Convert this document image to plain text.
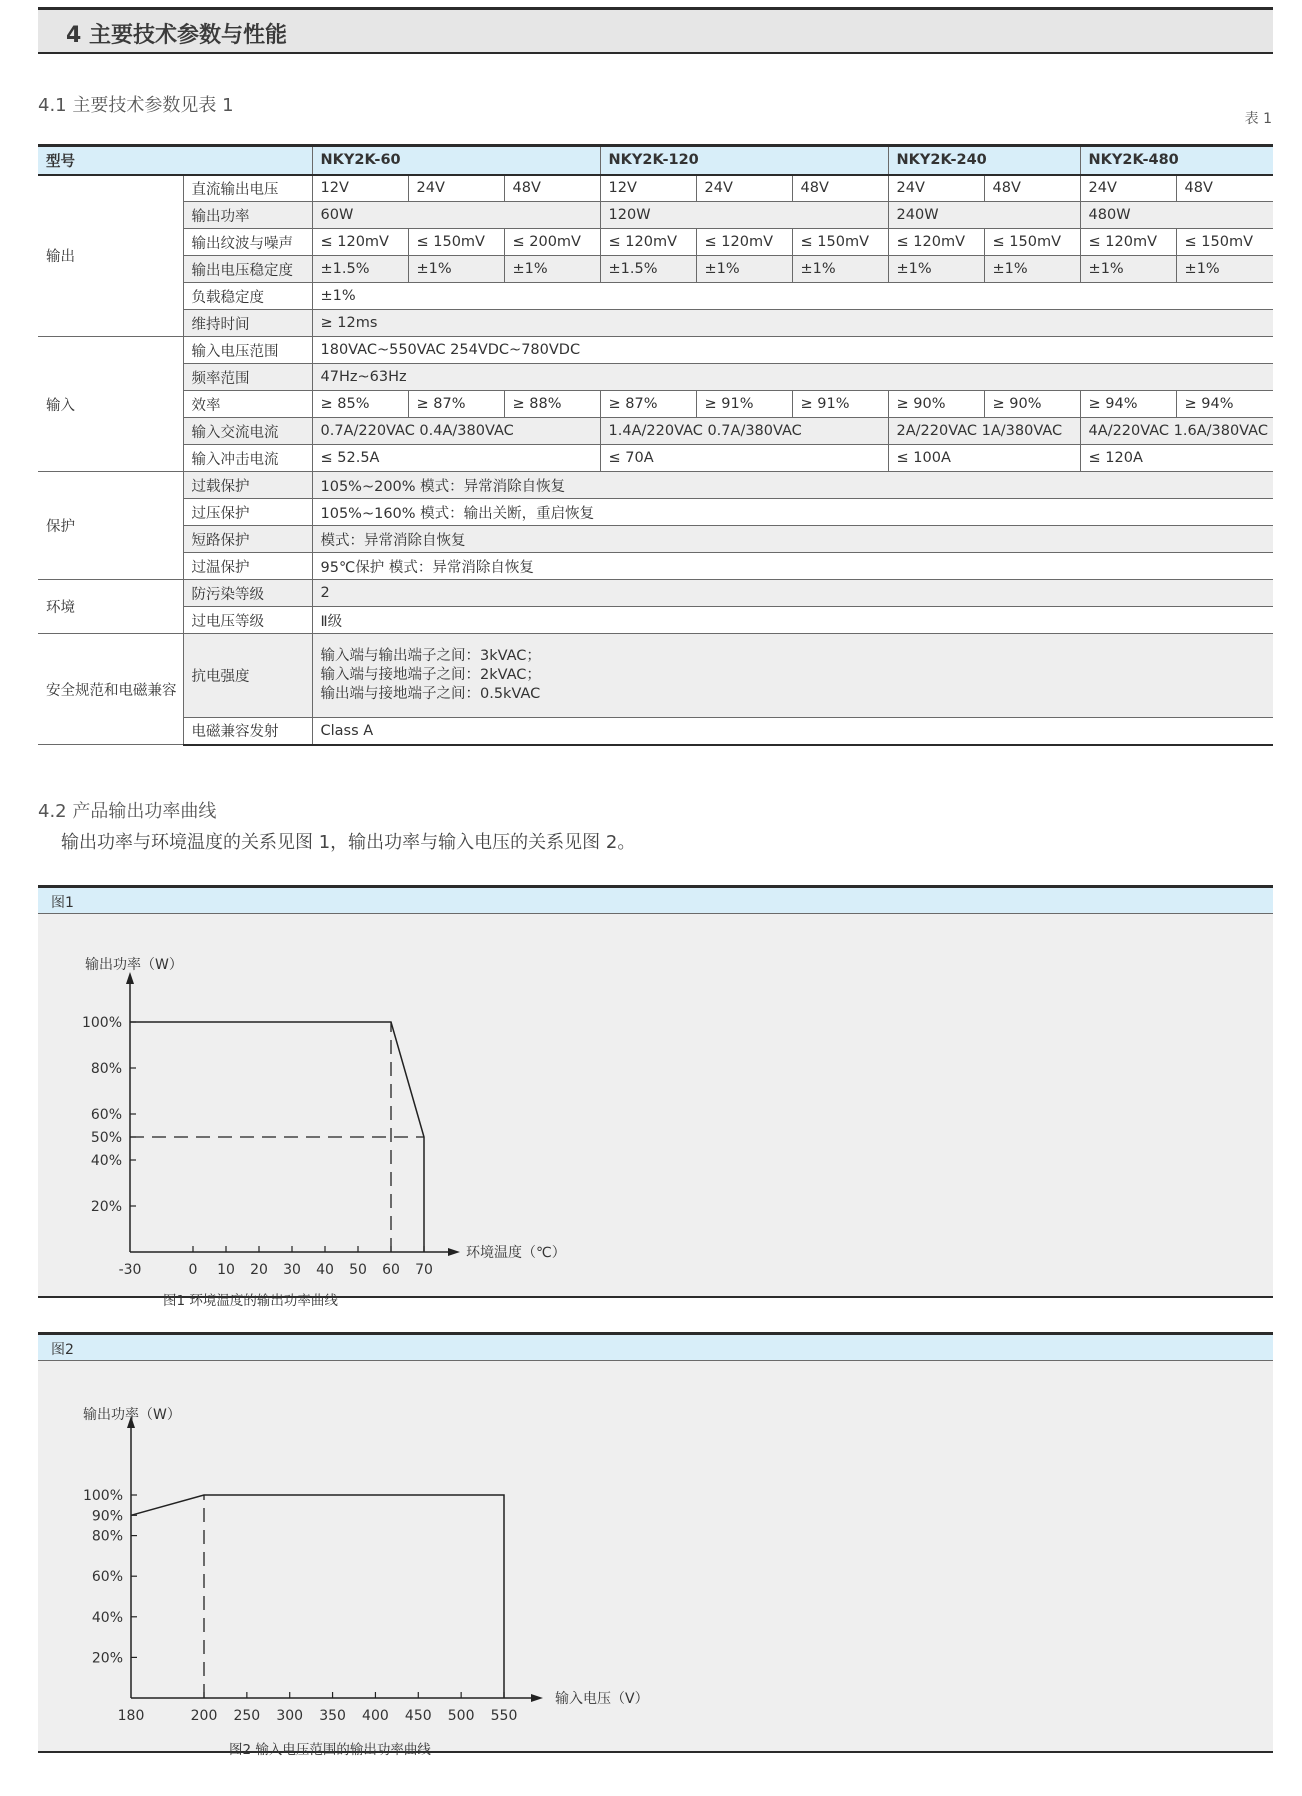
4 主要技术参数与性能
4.1 主要技术参数见表 1
表 1
型号		NKY2K-60			NKY2K-120			NKY2K-240		NKY2K-480	
输出	直流输出电压	12V	24V	48V	12V	24V	48V	24V	48V	24V	48V
	输出功率	60W			120W			240W		480W	
	输出纹波与噪声	≤ 120mV	≤ 150mV	≤ 200mV	≤ 120mV	≤ 120mV	≤ 150mV	≤ 120mV	≤ 150mV	≤ 120mV	≤ 150mV
	输出电压稳定度	±1.5%	±1%	±1%	±1.5%	±1%	±1%	±1%	±1%	±1%	±1%
	负载稳定度	±1%									
	维持时间	≥ 12ms									
输入	输入电压范围	180VAC~550VAC 254VDC~780VDC									
	频率范围	47Hz~63Hz									
	效率	≥ 85%	≥ 87%	≥ 88%	≥ 87%	≥ 91%	≥ 91%	≥ 90%	≥ 90%	≥ 94%	≥ 94%
	输入交流电流	0.7A/220VAC 0.4A/380VAC			1.4A/220VAC 0.7A/380VAC			2A/220VAC 1A/380VAC		4A/220VAC 1.6A/380VAC	
	输入冲击电流	≤ 52.5A			≤ 70A			≤ 100A		≤ 120A	
保护	过载保护	105%~200% 模式：异常消除自恢复									
	过压保护	105%~160% 模式：输出关断，重启恢复									
	短路保护	模式：异常消除自恢复									
	过温保护	95℃保护 模式：异常消除自恢复									
环境	防污染等级	2									
	过电压等级	Ⅱ级									
安全规范和电磁兼容	抗电强度	输入端与输出端子之间：3kVAC；
输入端与接地端子之间：2kVAC；
输出端与接地端子之间：0.5kVAC									

	电磁兼容发射	Class A									
4.2 产品输出功率曲线
输出功率与环境温度的关系见图 1，输出功率与输入电压的关系见图 2。
图1
-30	0 10 20 30 40 50 60 70
20%
40%
50%
60%
80%
100%
输出功率（W）
环境温度（℃）
图1 环境温度的输出功率曲线
图2
180	200 250 300 350 400 450 500 550
20%
40%
60%
80%
90%
100%
输出功率（W）
输入电压（V）
图2 输入电压范围的输出功率曲线
